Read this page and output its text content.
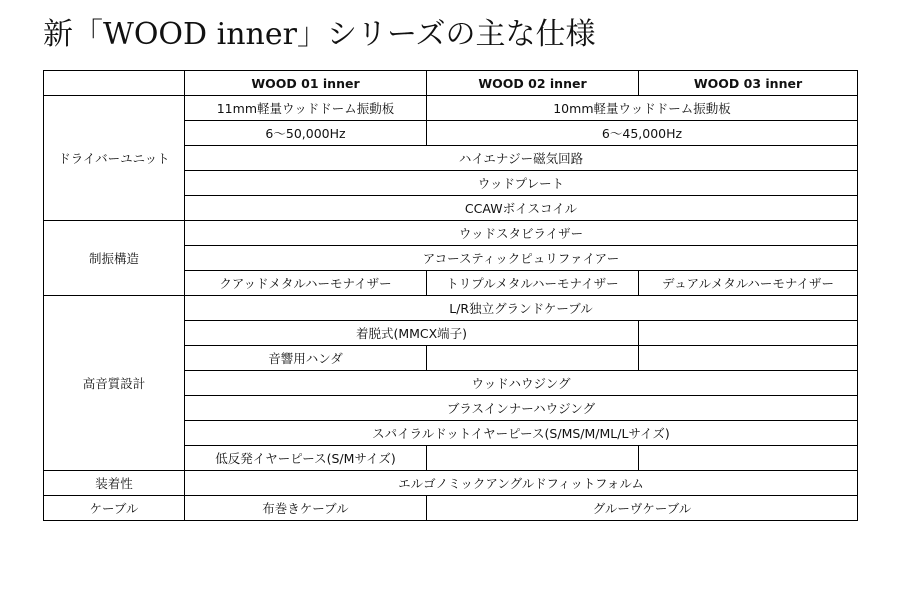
新「WOOD inner」シリーズの主な仕様
	WOOD 01 inner	WOOD 02 inner	WOOD 03 inner
ドライバーユニット	11mm軽量ウッドドーム振動板	10mm軽量ウッドドーム振動板	
	6〜50,000Hz	6〜45,000Hz	
	ハイエナジー磁気回路		
	ウッドプレート		
	CCAWボイスコイル		
制振構造	ウッドスタビライザー		
	アコースティックピュリファイアー		
	クアッドメタルハーモナイザー	トリプルメタルハーモナイザー	デュアルメタルハーモナイザー
高音質設計	L/R独立グランドケーブル		
	着脱式(MMCX端子)		
	音響用ハンダ		
	ウッドハウジング		
	ブラスインナーハウジング		
	スパイラルドットイヤーピース(S/MS/M/ML/Lサイズ)		
	低反発イヤーピース(S/Mサイズ)		
装着性	エルゴノミックアングルドフィットフォルム		
ケーブル	布巻きケーブル	グルーヴケーブル	
